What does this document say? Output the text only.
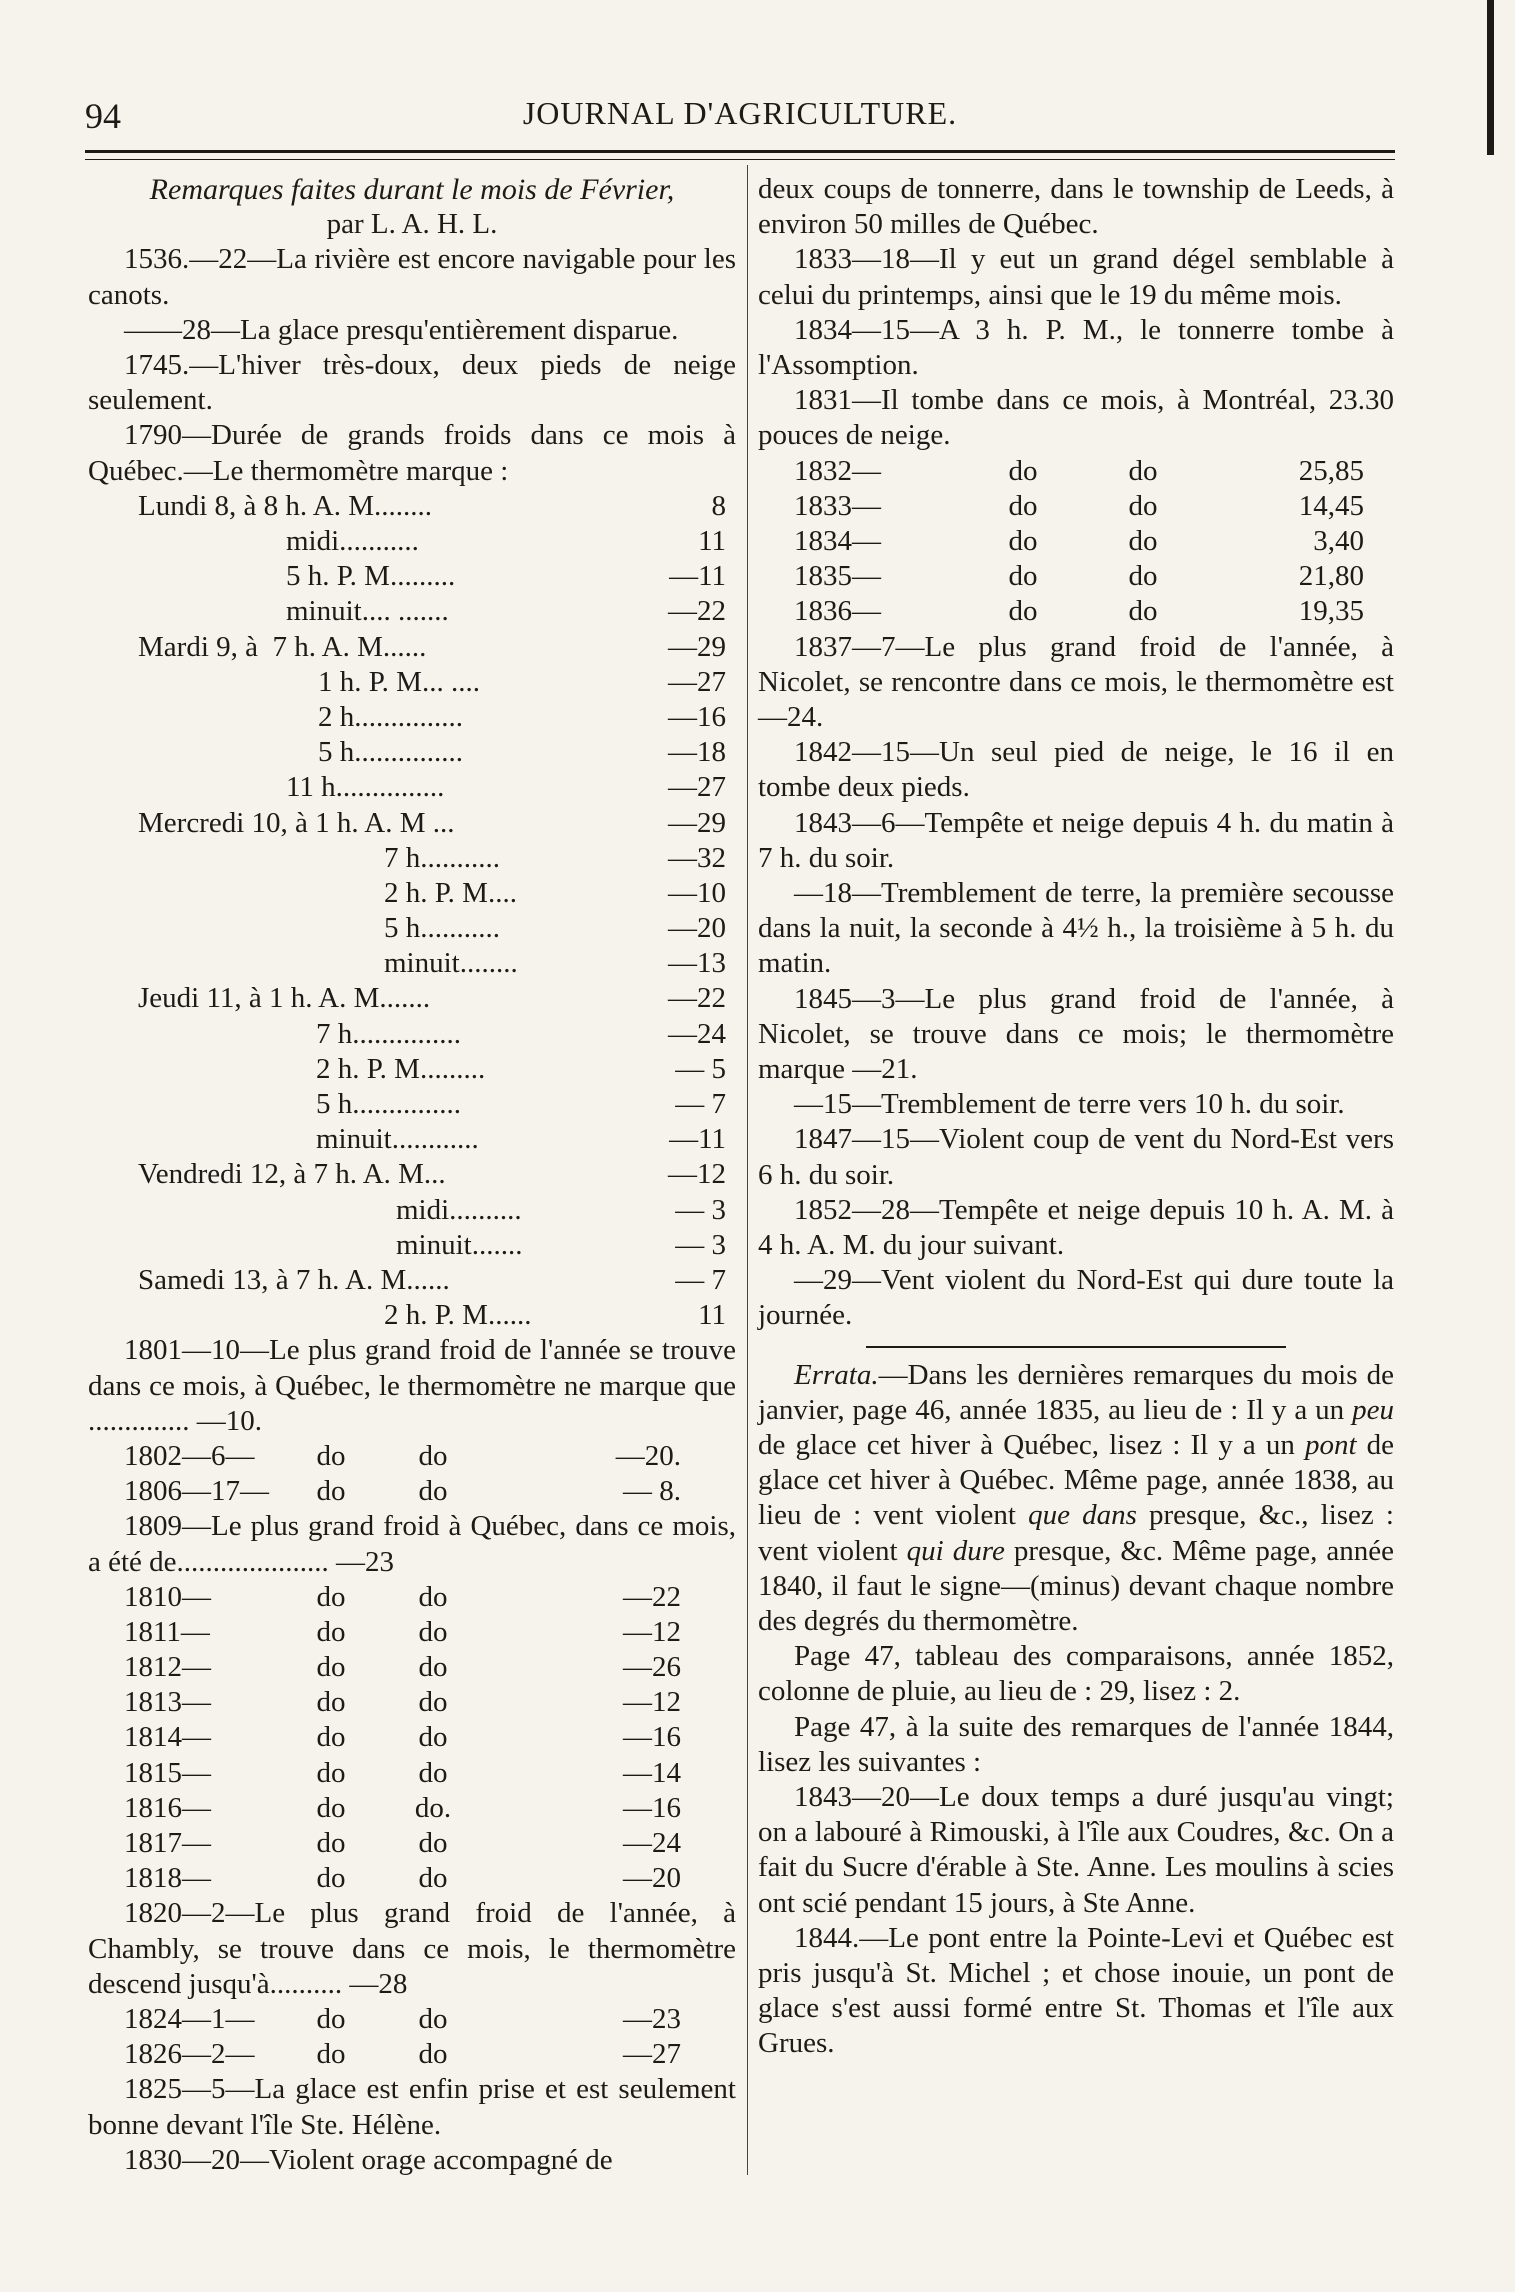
94	JOURNAL D'AGRICULTURE.

Remarques faites durant le mois de Février,

par L. A. H. L.

1536.—22—La rivière est encore navigable pour les canots.

——28—La glace presqu'entièrement disparue.

1745.—L'hiver très-doux, deux pieds de neige seulement.

1790—Durée de grands froids dans ce mois à Québec.—Le thermomètre marque :

Lundi 8, à 8 h. A. M........	8
midi...........	11
5 h. P. M.........	—11
minuit.... .......	—22
Mardi 9, à  7 h. A. M......	—29
1 h. P. M... ....	—27
2 h...............	—16
5 h...............	—18
11 h...............	—27
Mercredi 10, à 1 h. A. M ...	—29
7 h...........	—32
2 h. P. M....	—10
5 h...........	—20
minuit........	—13
Jeudi 11, à 1 h. A. M.......	—22
7 h...............	—24
2 h. P. M.........	— 5
5 h...............	— 7
minuit............	—11
Vendredi 12, à 7 h. A. M...	—12
midi..........	— 3
minuit.......	— 3
Samedi 13, à 7 h. A. M......	— 7
2 h. P. M......	11

1801—10—Le plus grand froid de l'année se trouve dans ce mois, à Québec, le thermomètre ne marque que .............. —10.

1802—6—	do	do	—20.
1806—17—	do	do	— 8.

1809—Le plus grand froid à Québec, dans ce mois, a été de..................... —23

1810—	do	do	—22
1811—	do	do	—12
1812—	do	do	—26
1813—	do	do	—12
1814—	do	do	—16
1815—	do	do	—14
1816—	do	do.	—16
1817—	do	do	—24
1818—	do	do	—20

1820—2—Le plus grand froid de l'année, à Chambly, se trouve dans ce mois, le thermomètre descend jusqu'à.......... —28

1824—1—	do	do	—23
1826—2—	do	do	—27

1825—5—La glace est enfin prise et est seulement bonne devant l'île Ste. Hélène.

1830—20—Violent orage accompagné de

deux coups de tonnerre, dans le township de Leeds, à environ 50 milles de Québec.

1833—18—Il y eut un grand dégel semblable à celui du printemps, ainsi que le 19 du même mois.

1834—15—A 3 h. P. M., le tonnerre tombe à l'Assomption.

1831—Il tombe dans ce mois, à Montréal, 23.30 pouces de neige.

1832—	do	do	25,85
1833—	do	do	14,45
1834—	do	do	3,40
1835—	do	do	21,80
1836—	do	do	19,35

1837—7—Le plus grand froid de l'année, à Nicolet, se rencontre dans ce mois, le thermomètre est —24.

1842—15—Un seul pied de neige, le 16 il en tombe deux pieds.

1843—6—Tempête et neige depuis 4 h. du matin à 7 h. du soir.

—18—Tremblement de terre, la première secousse dans la nuit, la seconde à 4½ h., la troisième à 5 h. du matin.

1845—3—Le plus grand froid de l'année, à Nicolet, se trouve dans ce mois; le thermomètre marque —21.

—15—Tremblement de terre vers 10 h. du soir.

1847—15—Violent coup de vent du Nord-Est vers 6 h. du soir.

1852—28—Tempête et neige depuis 10 h. A. M. à 4 h. A. M. du jour suivant.

—29—Vent violent du Nord-Est qui dure toute la journée.

Errata.—Dans les dernières remarques du mois de janvier, page 46, année 1835, au lieu de : Il y a un peu de glace cet hiver à Québec, lisez : Il y a un pont de glace cet hiver à Québec. Même page, année 1838, au lieu de : vent violent que dans presque, &c., lisez : vent violent qui dure presque, &c. Même page, année 1840, il faut le signe—(minus) devant chaque nombre des degrés du thermomètre.

Page 47, tableau des comparaisons, année 1852, colonne de pluie, au lieu de : 29, lisez : 2.

Page 47, à la suite des remarques de l'année 1844, lisez les suivantes :

1843—20—Le doux temps a duré jusqu'au vingt; on a labouré à Rimouski, à l'île aux Coudres, &c. On a fait du Sucre d'érable à Ste. Anne. Les moulins à scies ont scié pendant 15 jours, à Ste Anne.

1844.—Le pont entre la Pointe-Levi et Québec est pris jusqu'à St. Michel ; et chose inouie, un pont de glace s'est aussi formé entre St. Thomas et l'île aux Grues.
